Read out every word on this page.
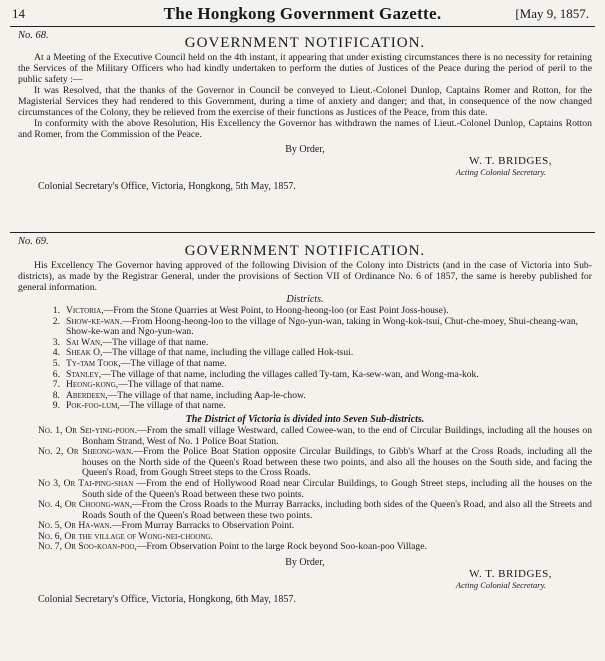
14	The Hongkong Government Gazette.	[May 9, 1857.

No. 68.	GOVERNMENT NOTIFICATION.

At a Meeting of the Executive Council held on the 4th instant, it appearing that under existing circumstances there is no necessity for retaining the Services of the Military Officers who had kindly undertaken to perform the duties of Justices of the Peace during the period of peril to the public safety :—

It was Resolved, that the thanks of the Governor in Council be conveyed to Lieut.-Colonel Dunlop, Captains Romer and Rotton, for the Magisterial Services they had rendered to this Government, during a time of anxiety and danger; and that, in consequence of the now changed circumstances of the Colony, they be relieved from the exercise of their functions as Justices of the Peace, from this date.

In conformity with the above Resolution, His Excellency the Governor has withdrawn the names of Lieut.-Colonel Dunlop, Captains Rotton and Romer, from the Commission of the Peace.

By Order,

W. T. BRIDGES,
Acting Colonial Secretary.

Colonial Secretary's Office, Victoria, Hongkong, 5th May, 1857.

No. 69.

GOVERNMENT NOTIFICATION.

His Excellency The Governor having approved of the following Division of the Colony into Districts (and in the case of Victoria into Sub-districts), as made by the Registrar General, under the provisions of Section VII of Ordinance No. 6 of 1857, the same is hereby published for general information.

Districts.

1. Victoria,—From the Stone Quarries at West Point, to Hoong-heong-loo (or East Point Joss-house).

2. Show-ke-wan.—From Hoong-heong-loo to the village of Ngo-yun-wan, taking in Wong-kok-tsui, Chut-che-moey, Shui-cheang-wan, Show-ke-wan and Ngo-yun-wan.

3. Sai Wan,—The village of that name.

4. Sheak O,—The village of that name, including the village called Hok-tsui.

5. Ty-tam Took,—The village of that name.

6. Stanley,—The village of that name, including the villages called Ty-tam, Ka-sew-wan, and Wong-ma-kok.

7. Heong-kong,—The village of that name.

8. Aberdeen,—The village of that name, including Aap-le-chow.

9. Pok-foo-lum,—The village of that name.

The District of Victoria is divided into Seven Sub-districts.

No. 1, Or Sei-ying-poon.—From the small village Westward, called Cowee-wan, to the end of Circular Buildings, including all the houses on Bonham Strand, West of No. 1 Police Boat Station.

No. 2, Or Sheong-wan.—From the Police Boat Station opposite Circular Buildings, to Gibb's Wharf at the Cross Roads, including all the houses on the North side of the Queen's Road between these two points, and also all the houses on the South side, and facing the Queen's Road, from Gough Street steps to the Cross Roads.

No 3, Or Tai-ping-shan —From the end of Hollywood Road near Circular Buildings, to Gough Street steps, including all the houses on the South side of the Queen's Road between these two points.

No. 4, Or Choong-wan,—From the Cross Roads to the Murray Barracks, including both sides of the Queen's Road, and also all the Streets and Roads South of the Queen's Road between these two points.

No. 5, Or Ha-wan.—From Murray Barracks to Observation Point.

No. 6, Or the village of Wong-nei-choong.

No. 7, Or Soo-koan-poo,—From Observation Point to the large Rock beyond Soo-koan-poo Village.

By Order,

W. T. BRIDGES,
Acting Colonial Secretary.

Colonial Secretary's Office, Victoria, Hongkong, 6th May, 1857.
